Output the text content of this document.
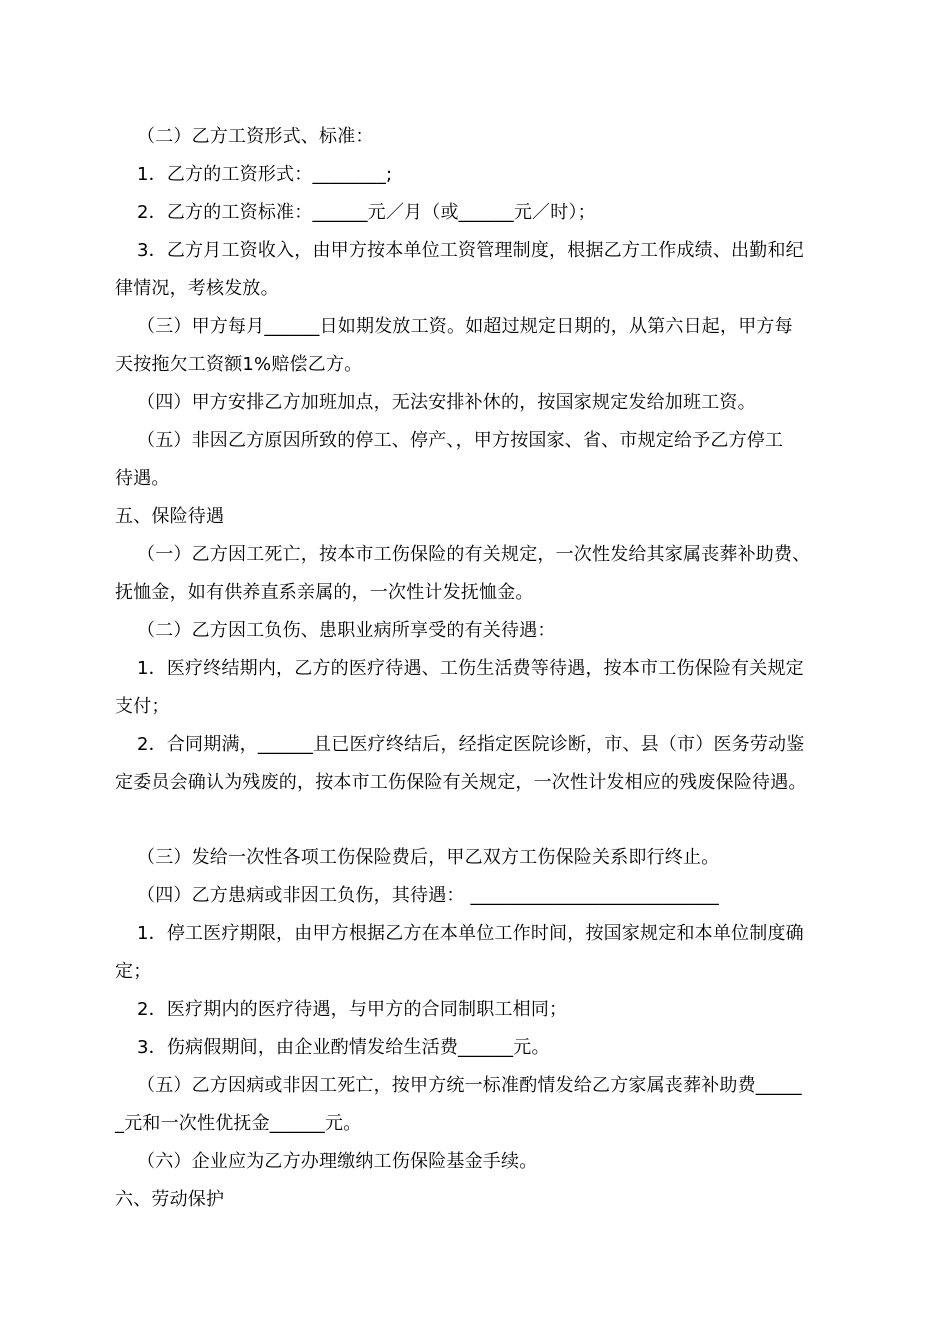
（二）乙方工资形式、标准：
1．乙方的工资形式：________;
2．乙方的工资标准：______元／月（或______元／时）；
3．乙方月工资收入，由甲方按本单位工资管理制度，根据乙方工作成绩、出勤和纪
律情况，考核发放。
（三）甲方每月______日如期发放工资。如超过规定日期的，从第六日起，甲方每
天按拖欠工资额1%赔偿乙方。
（四）甲方安排乙方加班加点，无法安排补休的，按国家规定发给加班工资。
（五）非因乙方原因所致的停工、停产、，甲方按国家、省、市规定给予乙方停工
待遇。
五、保险待遇
（一）乙方因工死亡，按本市工伤保险的有关规定，一次性发给其家属丧葬补助费、
抚恤金，如有供养直系亲属的，一次性计发抚恤金。
（二）乙方因工负伤、患职业病所享受的有关待遇：
1．医疗终结期内，乙方的医疗待遇、工伤生活费等待遇，按本市工伤保险有关规定
支付；
2．合同期满，______且已医疗终结后，经指定医院诊断，市、县（市）医务劳动鉴
定委员会确认为残废的，按本市工伤保险有关规定，一次性计发相应的残废保险待遇。
（三）发给一次性各项工伤保险费后，甲乙双方工伤保险关系即行终止。
（四）乙方患病或非因工负伤，其待遇： ___________________________
1．停工医疗期限，由甲方根据乙方在本单位工作时间，按国家规定和本单位制度确
定；
2．医疗期内的医疗待遇，与甲方的合同制职工相同；
3．伤病假期间，由企业酌情发给生活费______元。
（五）乙方因病或非因工死亡，按甲方统一标准酌情发给乙方家属丧葬补助费_____
_元和一次性优抚金______元。
（六）企业应为乙方办理缴纳工伤保险基金手续。
六、劳动保护
